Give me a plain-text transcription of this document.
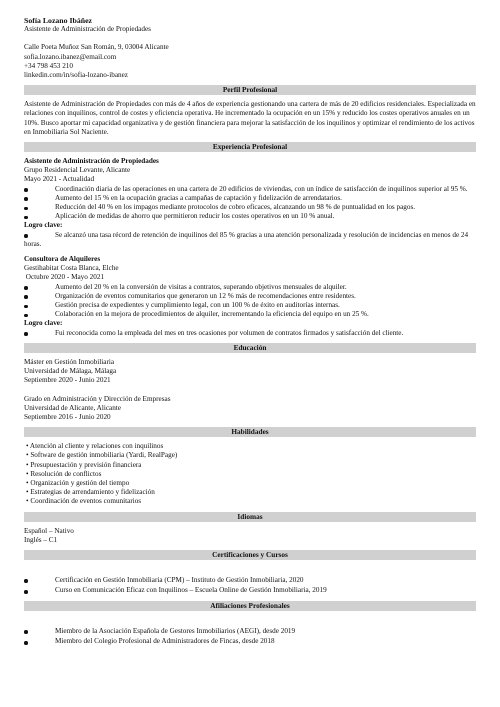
Sofía Lozano Ibáñez
Asistente de Administración de Propiedades
Calle Poeta Muñoz San Román, 9, 03004 Alicante
sofia.lozano.ibanez@email.com
+34 798 453 210
linkedin.com/in/sofia-lozano-ibanez
Perfil Profesional
Asistente de Administración de Propiedades con más de 4 años de experiencia gestionando una cartera de más de 20 edificios residenciales. Especializada en relaciones con inquilinos, control de costes y eficiencia operativa. He incrementado la ocupación en un 15% y reducido los costes operativos anuales en un 10%. Busco aportar mi capacidad organizativa y de gestión financiera para mejorar la satisfacción de los inquilinos y optimizar el rendimiento de los activos en Inmobiliaria Sol Naciente.
Experiencia Profesional
Asistente de Administración de Propiedades
Grupo Residencial Levante, Alicante
Mayo 2021 - Actualidad
Coordinación diaria de las operaciones en una cartera de 20 edificios de viviendas, con un índice de satisfacción de inquilinos superior al 95 %.
Aumento del 15 % en la ocupación gracias a campañas de captación y fidelización de arrendatarios.
Reducción del 40 % en los impagos mediante protocolos de cobro eficaces, alcanzando un 98 % de puntualidad en los pagos.
Aplicación de medidas de ahorro que permitieron reducir los costes operativos en un 10 % anual.
Logro clave:
Se alcanzó una tasa récord de retención de inquilinos del 85 % gracias a una atención personalizada y resolución de incidencias en menos de 24 horas.
Consultora de Alquileres
Gestihabitat Costa Blanca, Elche
Octubre 2020 - Mayo 2021
Aumento del 20 % en la conversión de visitas a contratos, superando objetivos mensuales de alquiler.
Organización de eventos comunitarios que generaron un 12 % más de recomendaciones entre residentes.
Gestión precisa de expedientes y cumplimiento legal, con un 100 % de éxito en auditorías internas.
Colaboración en la mejora de procedimientos de alquiler, incrementando la eficiencia del equipo en un 25 %.
Logro clave:
Fui reconocida como la empleada del mes en tres ocasiones por volumen de contratos firmados y satisfacción del cliente.
Educación
Máster en Gestión Inmobiliaria
Universidad de Málaga, Málaga
Septiembre 2020 - Junio 2021
Grado en Administración y Dirección de Empresas
Universidad de Alicante, Alicante
Septiembre 2016 - Junio 2020
Habilidades
• Atención al cliente y relaciones con inquilinos
• Software de gestión inmobiliaria (Yardi, RealPage)
• Presupuestación y previsión financiera
• Resolución de conflictos
• Organización y gestión del tiempo
• Estrategias de arrendamiento y fidelización
• Coordinación de eventos comunitarios
Idiomas
Español – Nativo
Inglés – C1
Certificaciones y Cursos
Certificación en Gestión Inmobiliaria (CPM) – Instituto de Gestión Inmobiliaria, 2020
Curso en Comunicación Eficaz con Inquilinos – Escuela Online de Gestión Inmobiliaria, 2019
Afiliaciones Profesionales
Miembro de la Asociación Española de Gestores Inmobiliarios (AEGI), desde 2019
Miembro del Colegio Profesional de Administradores de Fincas, desde 2018
